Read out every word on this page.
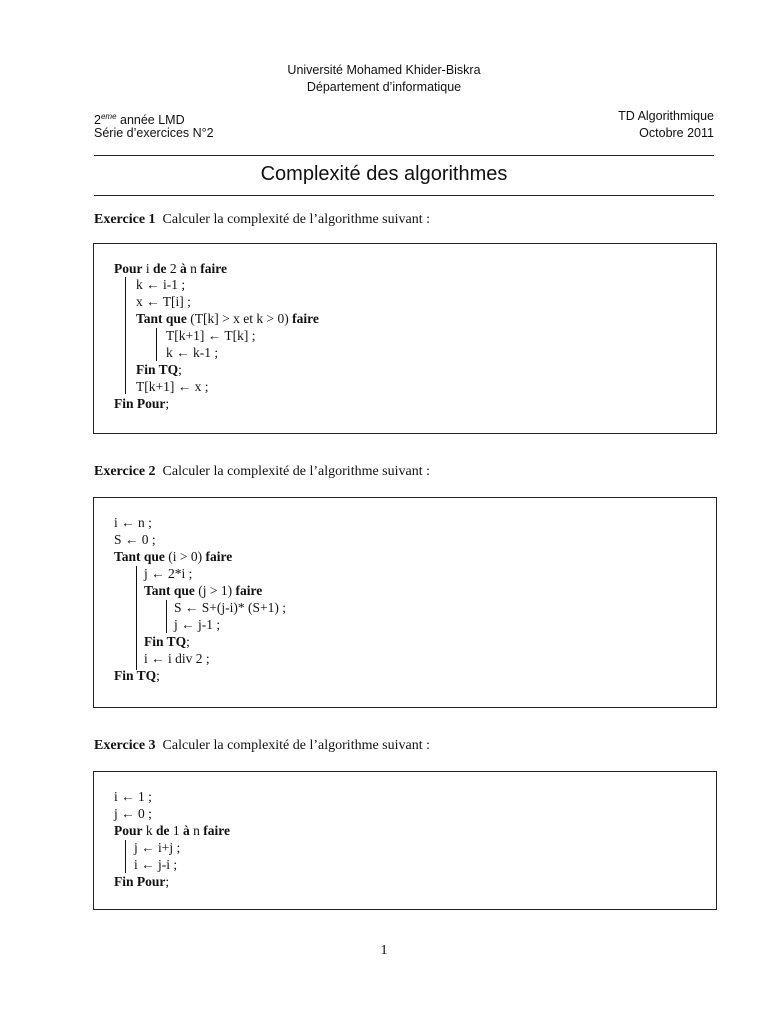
Université Mohamed Khider-Biskra
Département d’informatique
2eme année LMD
Série d’exercices N°2
TD Algorithmique
Octobre 2011
Complexité des algorithmes
Exercice 1 Calculer la complexité de l’algorithme suivant :
Pour i de 2 à n faire
k ← i-1 ;
x ← T[i] ;
Tant que (T[k] > x et k > 0) faire
T[k+1] ← T[k] ;
k ← k-1 ;
Fin TQ;
T[k+1] ← x ;
Fin Pour;
Exercice 2 Calculer la complexité de l’algorithme suivant :
i ← n ;
S ← 0 ;
Tant que (i > 0) faire
j ← 2*i ;
Tant que (j > 1) faire
S ← S+(j-i)* (S+1) ;
j ← j-1 ;
Fin TQ;
i ← i div 2 ;
Fin TQ;
Exercice 3 Calculer la complexité de l’algorithme suivant :
i ← 1 ;
j ← 0 ;
Pour k de 1 à n faire
j ← i+j ;
i ← j-i ;
Fin Pour;
1
